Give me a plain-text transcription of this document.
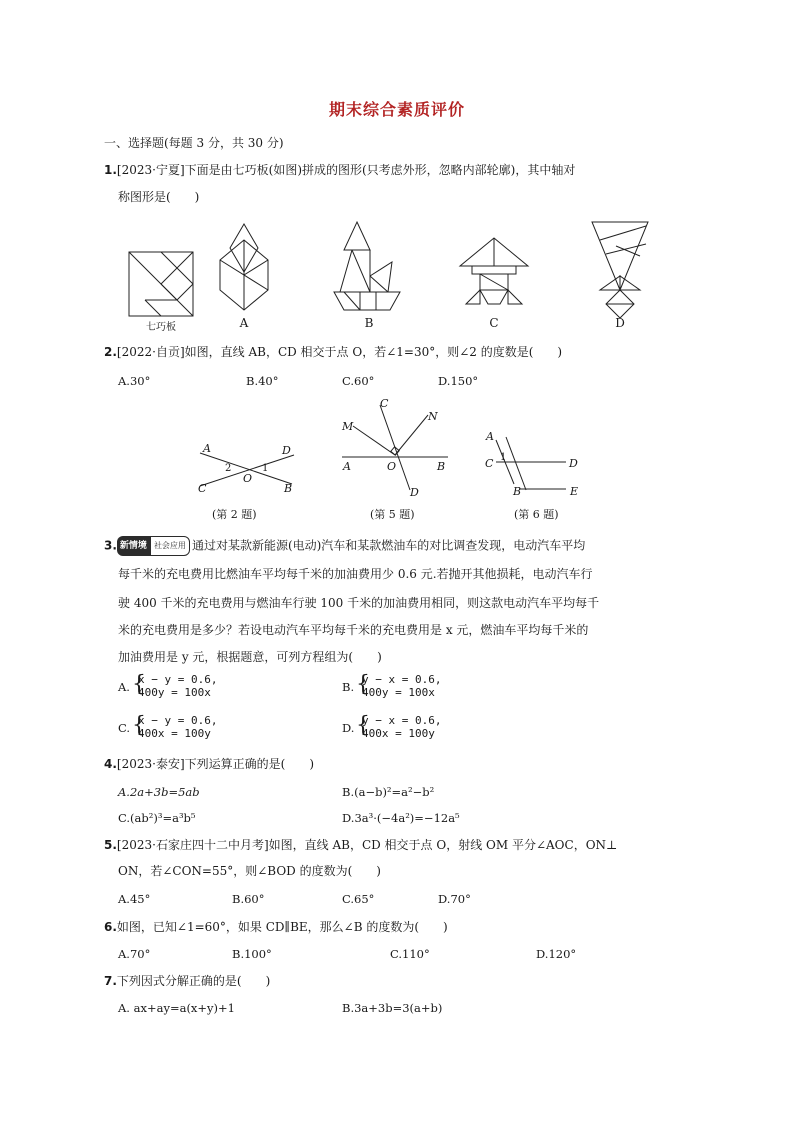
期末综合素质评价
一、选择题(每题 3 分，共 30 分)
1.[2023·宁夏]下面是由七巧板(如图)拼成的图形(只考虑外形，忽略内部轮廓)，其中轴对
称图形是(　　)
七巧板	A	B	C	D
2.[2022·自贡]如图，直线 AB，CD 相交于点 O，若∠1=30°，则∠2 的度数是(　　)
A.30°	B.40°	C.60°	D.150°
A	D
C	B
O
2	1
C
N
M
A	O	B
D
A
C 1	D
B	E
(第 2 题)	(第 5 题)	(第 6 题)
3. 新情境 社会应用 通过对某款新能源(电动)汽车和某款燃油车的对比调查发现，电动汽车平均
每千米的充电费用比燃油车平均每千米的加油费用少 0.6 元.若抛开其他损耗，电动汽车行
驶 400 千米的充电费用与燃油车行驶 100 千米的加油费用相同，则这款电动汽车平均每千
米的充电费用是多少？若设电动汽车平均每千米的充电费用是 x 元，燃油车平均每千米的
加油费用是 y 元，根据题意，可列方程组为(　　)
A. {
x − y = 0.6,
400y = 100x	B. {
y − x = 0.6,
400y = 100x
C. {
x − y = 0.6,
400x = 100y	D. {
y − x = 0.6,
400x = 100y
4.[2023·泰安]下列运算正确的是(　　)
A.2a+3b=5ab	B.(a−b)²=a²−b²
C.(ab²)³=a³b⁵	D.3a³·(−4a²)=−12a⁵
5.[2023·石家庄四十二中月考]如图，直线 AB，CD 相交于点 O，射线 OM 平分∠AOC，ON⊥
ON，若∠CON=55°，则∠BOD 的度数为(　　)
A.45°	B.60°	C.65°	D.70°
6.如图，已知∠1=60°，如果 CD∥BE，那么∠B 的度数为(　　)
A.70°	B.100°	C.110°	D.120°
7.下列因式分解正确的是(　　)
A. ax+ay=a(x+y)+1	B.3a+3b=3(a+b)
